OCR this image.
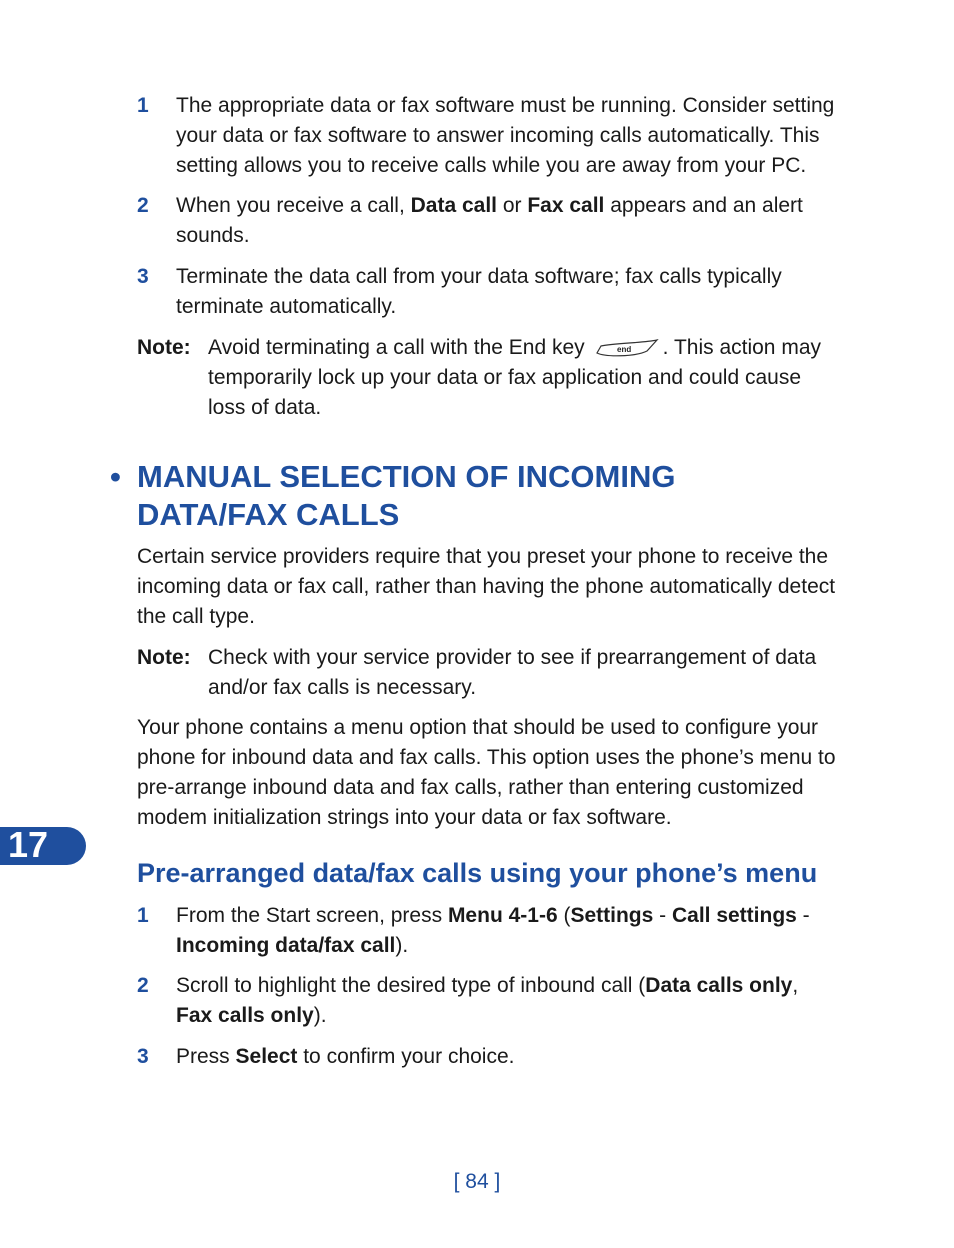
1 The appropriate data or fax software must be running. Consider setting your data or fax software to answer incoming calls automatically. This setting allows you to receive calls while you are away from your PC.
2 When you receive a call, Data call or Fax call appears and an alert sounds.
3 Terminate the data call from your data software; fax calls typically terminate automatically.
Note: Avoid terminating a call with the End key	end . This action may temporarily lock up your data or fax application and could cause loss of data.
• MANUAL SELECTION OF INCOMING DATA/FAX CALLS
Certain service providers require that you preset your phone to receive the incoming data or fax call, rather than having the phone automatically detect the call type.
Note: Check with your service provider to see if prearrangement of data and/or fax calls is necessary.
Your phone contains a menu option that should be used to configure your phone for inbound data and fax calls. This option uses the phone’s menu to pre-arrange inbound data and fax calls, rather than entering customized modem initialization strings into your data or fax software.
17
Pre-arranged data/fax calls using your phone’s menu
1 From the Start screen, press Menu 4-1-6 (Settings - Call settings - Incoming data/fax call).
2 Scroll to highlight the desired type of inbound call (Data calls only, Fax calls only).
3 Press Select to confirm your choice.
[ 84 ]
